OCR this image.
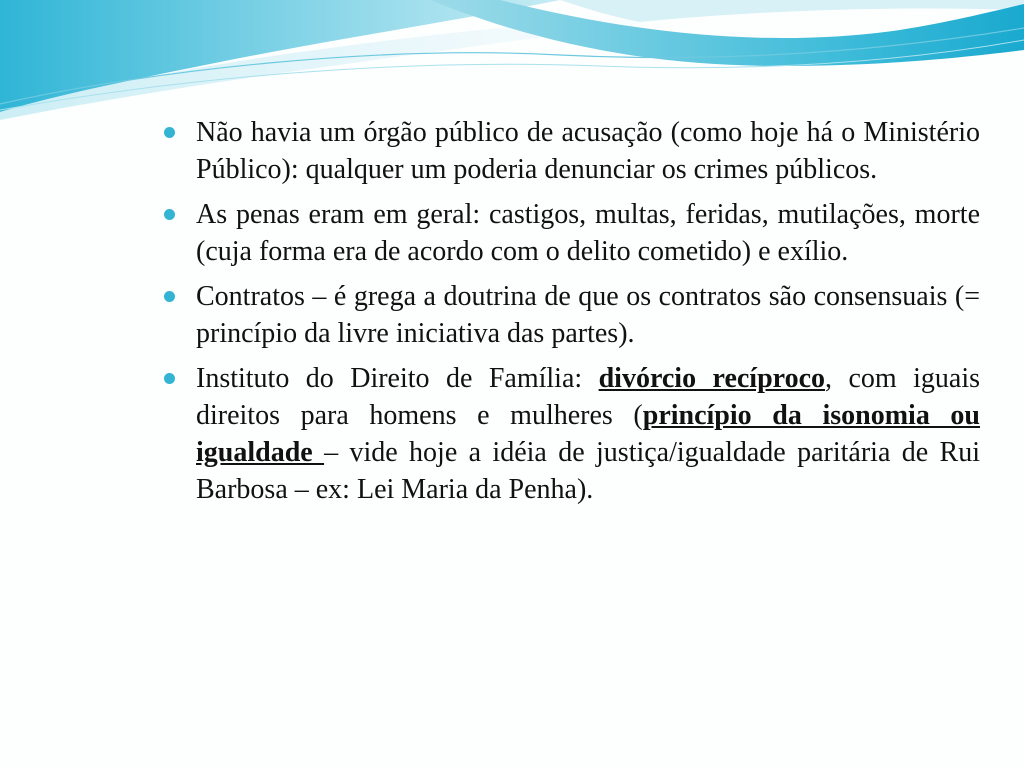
Não havia um órgão público de acusação (como hoje há o Ministério Público): qualquer um poderia denunciar os crimes públicos.
As penas eram em geral: castigos, multas, feridas, mutilações, morte (cuja forma era de acordo com o delito cometido) e exílio.
Contratos – é grega a doutrina de que os contratos são consensuais (= princípio da livre iniciativa das partes).
Instituto do Direito de Família: divórcio recíproco, com iguais direitos para homens e mulheres (princípio da isonomia ou igualdade – vide hoje a idéia de justiça/igualdade paritária de Rui Barbosa – ex: Lei Maria da Penha).
